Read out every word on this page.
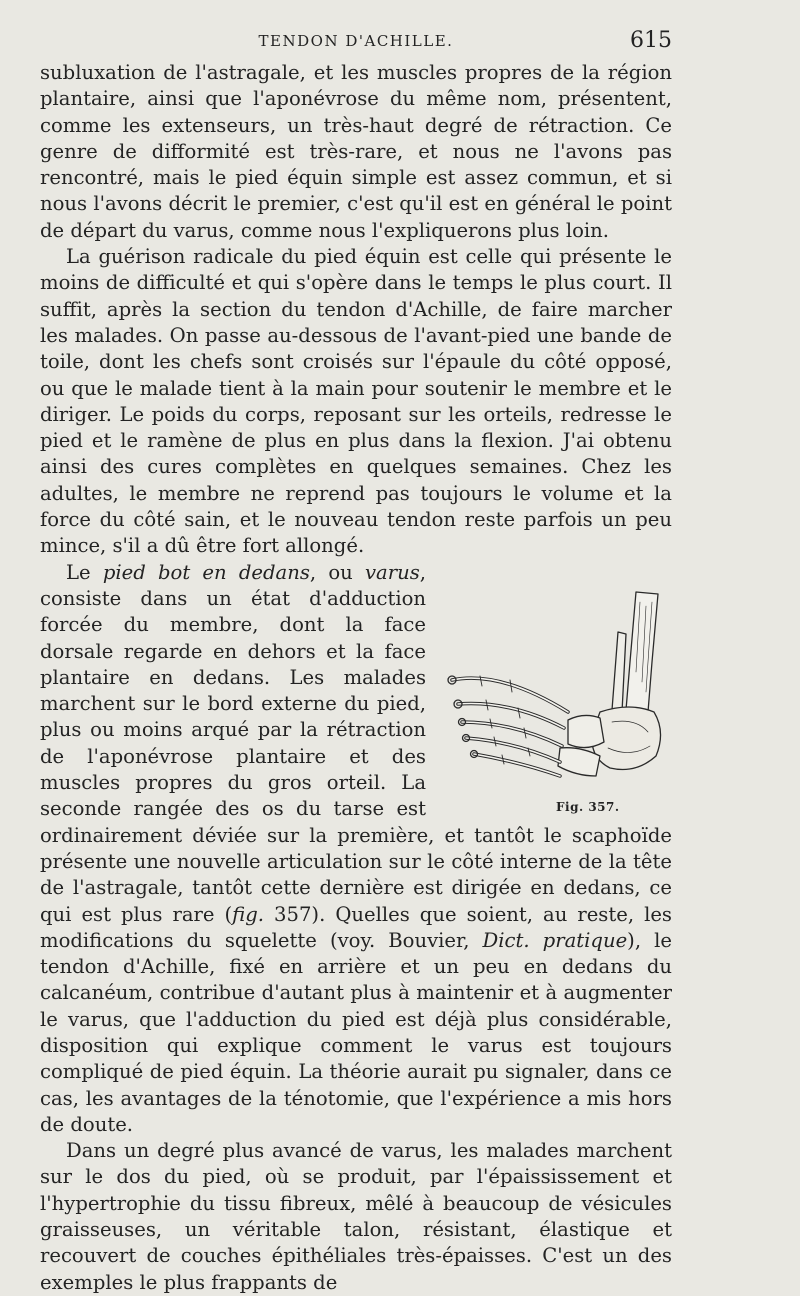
TENDON D'ACHILLE.	615

subluxation de l'astragale, et les muscles propres de la région plantaire, ainsi que l'aponévrose du même nom, présentent, comme les extenseurs, un très-haut degré de rétraction. Ce genre de difformité est très-rare, et nous ne l'avons pas rencontré, mais le pied équin simple est assez commun, et si nous l'avons décrit le premier, c'est qu'il est en général le point de départ du varus, comme nous l'expliquerons plus loin.

La guérison radicale du pied équin est celle qui présente le moins de difficulté et qui s'opère dans le temps le plus court. Il suffit, après la section du tendon d'Achille, de faire marcher les malades. On passe au-dessous de l'avant-pied une bande de toile, dont les chefs sont croisés sur l'épaule du côté opposé, ou que le malade tient à la main pour soutenir le membre et le diriger. Le poids du corps, reposant sur les orteils, redresse le pied et le ramène de plus en plus dans la flexion. J'ai obtenu ainsi des cures complètes en quelques semaines. Chez les adultes, le membre ne reprend pas toujours le volume et la force du côté sain, et le nouveau tendon reste parfois un peu mince, s'il a dû être fort allongé.

Le pied bot en dedans, ou varus
Fig. 357.
, consiste dans un état d'adduction forcée du membre, dont la face dorsale regarde en dehors et la face plantaire en dedans. Les malades marchent sur le bord externe du pied, plus ou moins arqué par la rétraction de l'aponévrose plantaire et des muscles propres du gros orteil. La seconde rangée des os du tarse est ordinairement déviée sur la première, et tantôt le scaphoïde présente une nouvelle articulation sur le côté interne de la tête de l'astragale, tantôt cette dernière est dirigée en dedans, ce qui est plus rare (fig. 357). Quelles que soient, au reste, les modifications du squelette (voy. Bouvier, Dict. pratique), le tendon d'Achille, fixé en arrière et un peu en dedans du calcanéum, contribue d'autant plus à maintenir et à augmenter le varus, que l'adduction du pied est déjà plus considérable, disposition qui explique comment le varus est toujours compliqué de pied équin. La théorie aurait pu signaler, dans ce cas, les avantages de la ténotomie, que l'expérience a mis hors de doute.

Dans un degré plus avancé de varus, les malades marchent sur le dos du pied, où se produit, par l'épaississement et l'hypertrophie du tissu fibreux, mêlé à beaucoup de vésicules graisseuses, un véritable talon, résistant, élastique et recouvert de couches épithéliales très-épaisses. C'est un des exemples le plus frappants de
